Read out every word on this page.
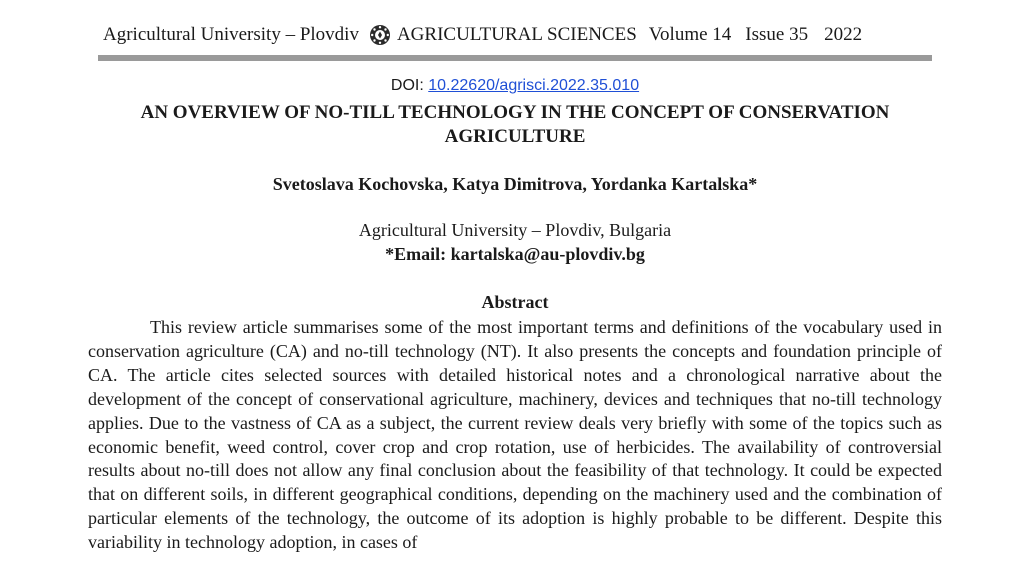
Agricultural University – Plovdiv AGRICULTURAL SCIENCES Volume 14 Issue 35 2022
DOI: 10.22620/agrisci.2022.35.010
AN OVERVIEW OF NO-TILL TECHNOLOGY IN THE CONCEPT OF CONSERVATION AGRICULTURE
Svetoslava Kochovska, Katya Dimitrova, Yordanka Kartalska*
Agricultural University – Plovdiv, Bulgaria
*Email: kartalska@au-plovdiv.bg
Abstract

This review article summarises some of the most important terms and definitions of the vocabulary used in conservation agriculture (CA) and no-till technology (NT). It also presents the concepts and foundation principle of CA. The article cites selected sources with detailed historical notes and a chronological narrative about the development of the concept of conservational agriculture, machinery, devices and techniques that no-till technology applies. Due to the vastness of CA as a subject, the current review deals very briefly with some of the topics such as economic benefit, weed control, cover crop and crop rotation, use of herbicides. The availability of controversial results about no-till does not allow any final conclusion about the feasibility of that technology. It could be expected that on different soils, in different geographical conditions, depending on the machinery used and the combination of particular elements of the technology, the outcome of its adoption is highly probable to be different. Despite this variability in technology adoption, in cases of
